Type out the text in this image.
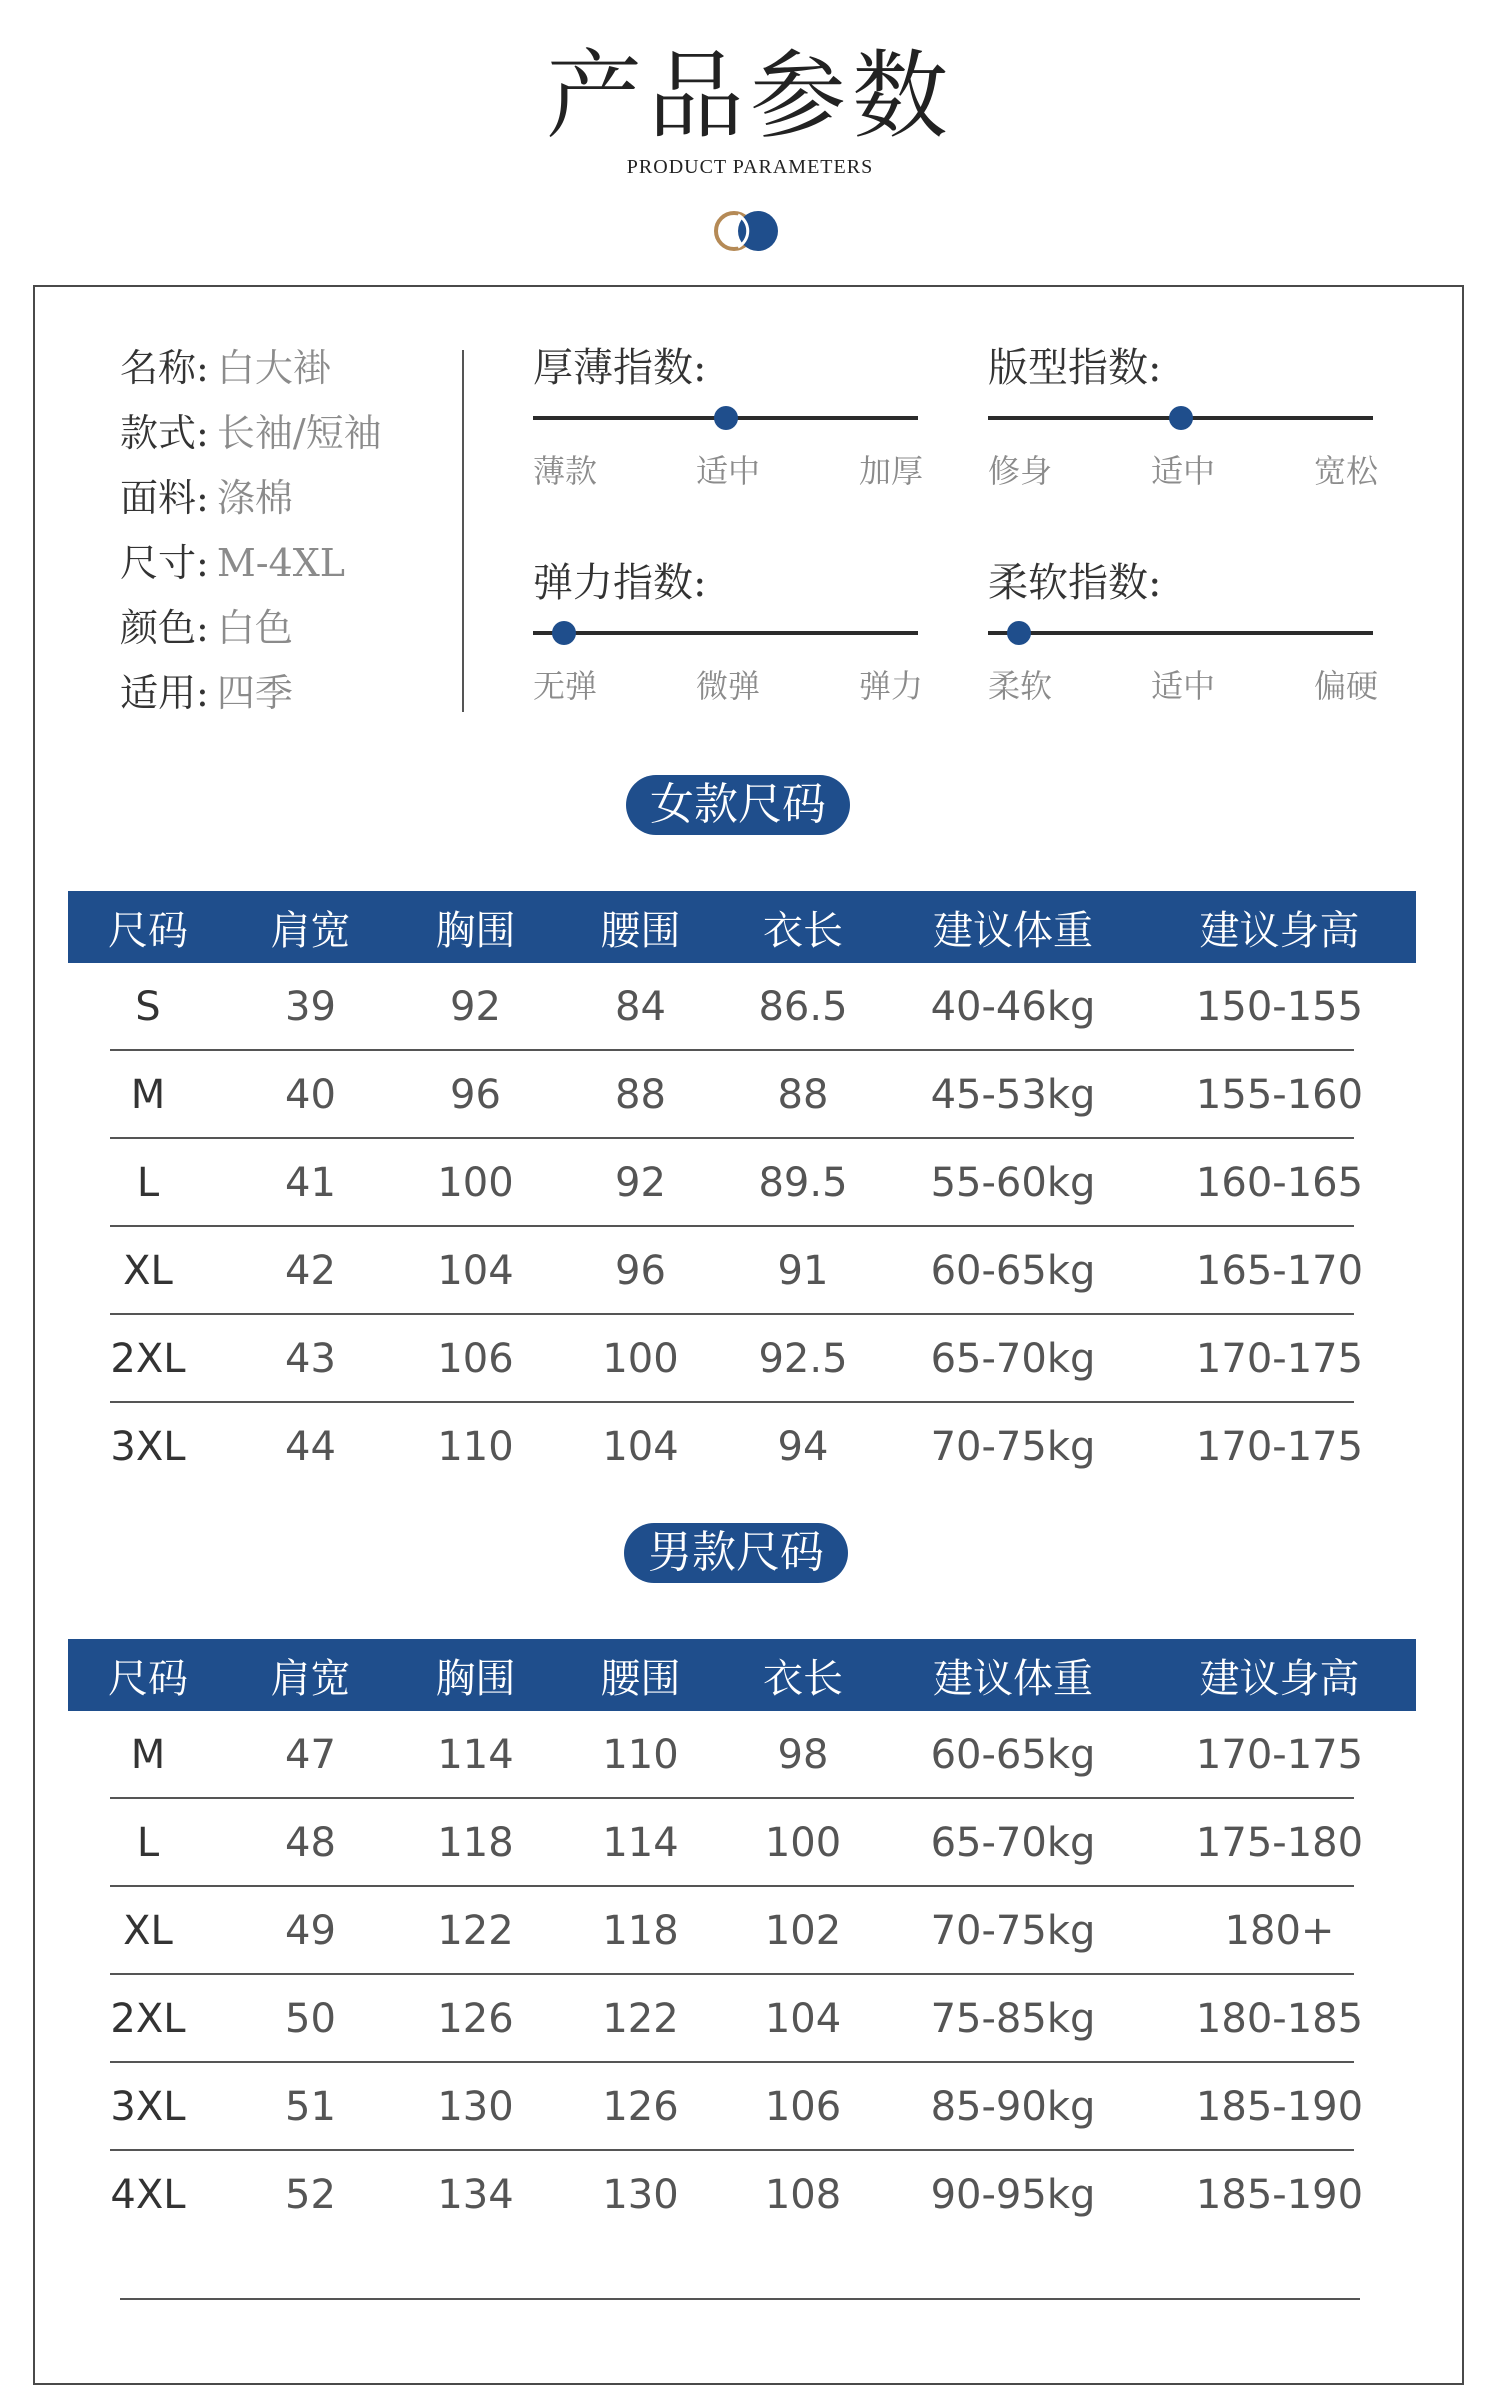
产品参数
PRODUCT PARAMETERS
名称: 白大褂
款式: 长袖/短袖
面料: 涤棉
尺寸: M-4XL
颜色: 白色
适用: 四季
厚薄指数:
薄款	适中	加厚
版型指数:
修身	适中	宽松
弹力指数:
无弹	微弹	弹力
柔软指数:
柔软	适中	偏硬
女款尺码
尺码	肩宽	胸围	腰围	衣长	建议体重	建议身高
S	39	92	84	86.5	40-46kg	150-155
M	40	96	88	88	45-53kg	155-160
L	41	100	92	89.5	55-60kg	160-165
XL	42	104	96	91	60-65kg	165-170
2XL	43	106	100	92.5	65-70kg	170-175
3XL	44	110	104	94	70-75kg	170-175
男款尺码
尺码	肩宽	胸围	腰围	衣长	建议体重	建议身高
M	47	114	110	98	60-65kg	170-175
L	48	118	114	100	65-70kg	175-180
XL	49	122	118	102	70-75kg	180+
2XL	50	126	122	104	75-85kg	180-185
3XL	51	130	126	106	85-90kg	185-190
4XL	52	134	130	108	90-95kg	185-190
